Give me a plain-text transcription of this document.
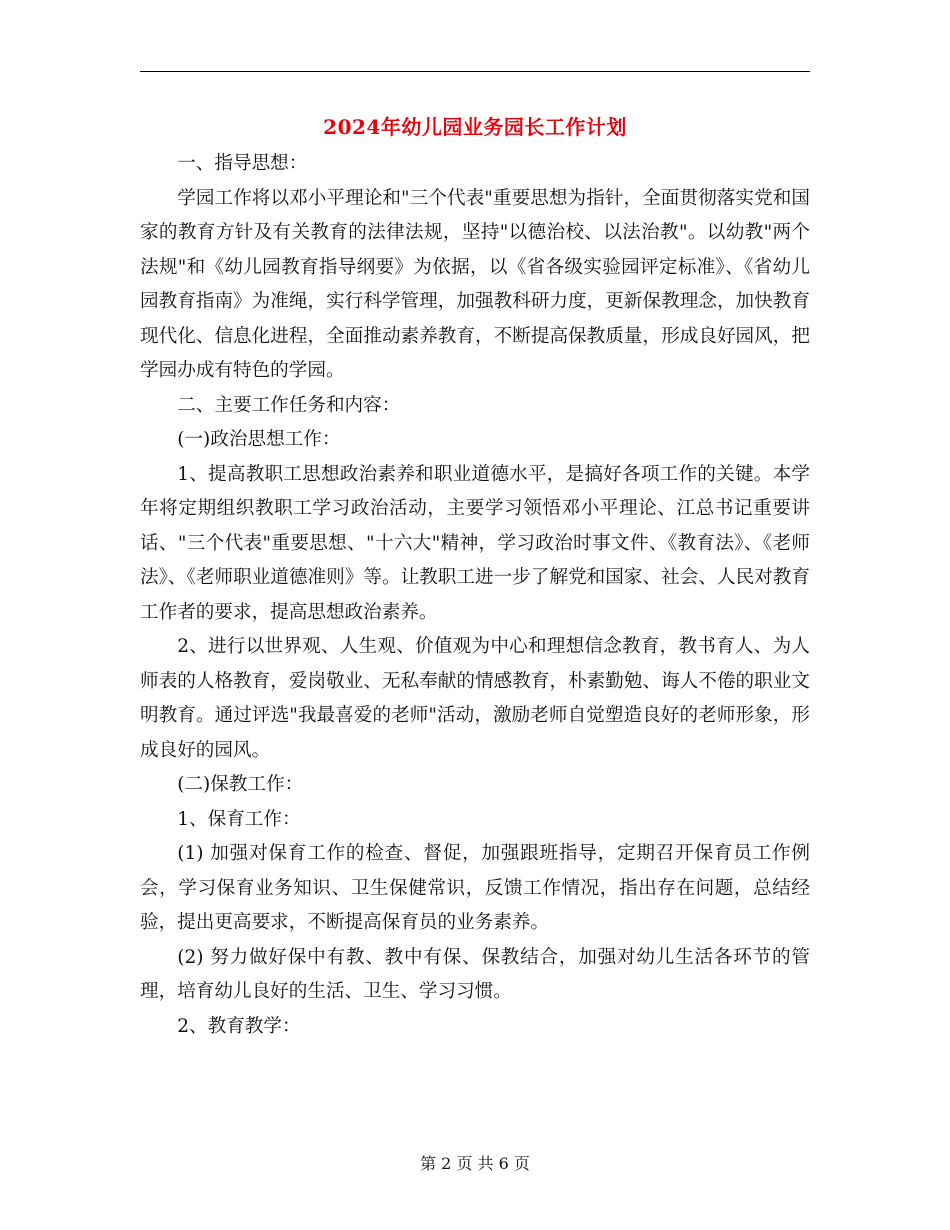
2024年幼儿园业务园长工作计划

一、指导思想：

学园工作将以邓小平理论和"三个代表"重要思想为指针，全面贯彻落实党和国家的教育方针及有关教育的法律法规，坚持"以德治校、以法治教"。以幼教"两个法规"和《幼儿园教育指导纲要》为依据，以《省各级实验园评定标准》、《省幼儿园教育指南》为准绳，实行科学管理，加强教科研力度，更新保教理念，加快教育现代化、信息化进程，全面推动素养教育，不断提高保教质量，形成良好园风，把学园办成有特色的学园。

二、主要工作任务和内容：

(一)政治思想工作：

1、提高教职工思想政治素养和职业道德水平，是搞好各项工作的关键。本学年将定期组织教职工学习政治活动，主要学习领悟邓小平理论、江总书记重要讲话、"三个代表"重要思想、"十六大"精神，学习政治时事文件、《教育法》、《老师法》、《老师职业道德准则》等。让教职工进一步了解党和国家、社会、人民对教育工作者的要求，提高思想政治素养。

2、进行以世界观、人生观、价值观为中心和理想信念教育，教书育人、为人师表的人格教育，爱岗敬业、无私奉献的情感教育，朴素勤勉、诲人不倦的职业文明教育。通过评选"我最喜爱的老师"活动，激励老师自觉塑造良好的老师形象，形成良好的园风。

(二)保教工作：

1、保育工作：

(1) 加强对保育工作的检查、督促，加强跟班指导，定期召开保育员工作例会，学习保育业务知识、卫生保健常识，反馈工作情况，指出存在问题，总结经验，提出更高要求，不断提高保育员的业务素养。

(2) 努力做好保中有教、教中有保、保教结合，加强对幼儿生活各环节的管理，培育幼儿良好的生活、卫生、学习习惯。

2、教育教学：

第 2 页 共 6 页
